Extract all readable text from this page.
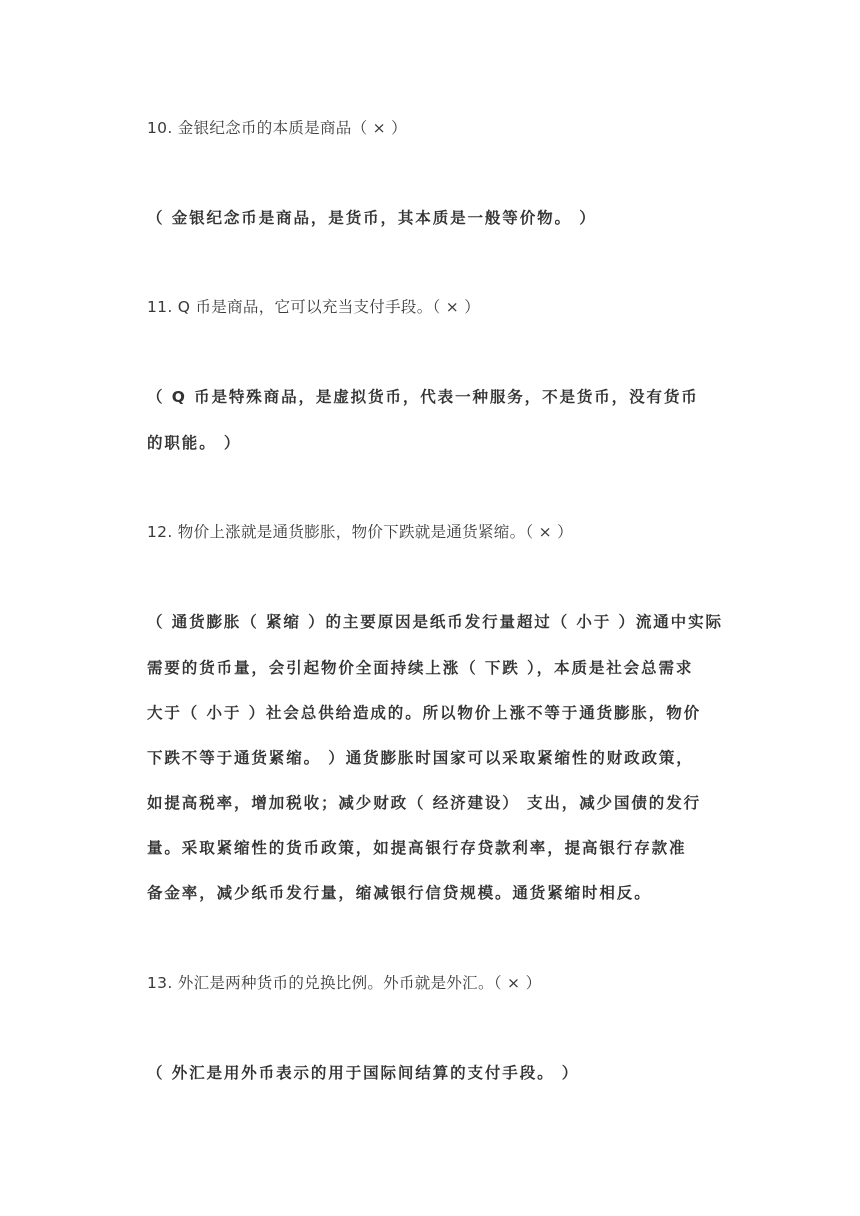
10. 金银纪念币的本质是商品（ × ）
（ 金银纪念币是商品，是货币，其本质是一般等价物。 ）
11. Q 币是商品，它可以充当支付手段。（ × ）
（ Q 币是特殊商品，是虚拟货币，代表一种服务，不是货币，没有货币
的职能。 ）
12. 物价上涨就是通货膨胀，物价下跌就是通货紧缩。（ × ）
（ 通货膨胀（ 紧缩 ）的主要原因是纸币发行量超过（ 小于 ）流通中实际
需要的货币量，会引起物价全面持续上涨（ 下跌 ），本质是社会总需求
大于（ 小于 ）社会总供给造成的。所以物价上涨不等于通货膨胀，物价
下跌不等于通货紧缩。 ）通货膨胀时国家可以采取紧缩性的财政政策，
如提高税率，增加税收；减少财政（ 经济建设） 支出，减少国债的发行
量。采取紧缩性的货币政策，如提高银行存贷款利率，提高银行存款准
备金率，减少纸币发行量，缩减银行信贷规模。通货紧缩时相反。
13. 外汇是两种货币的兑换比例。外币就是外汇。（ × ）
（ 外汇是用外币表示的用于国际间结算的支付手段。 ）
